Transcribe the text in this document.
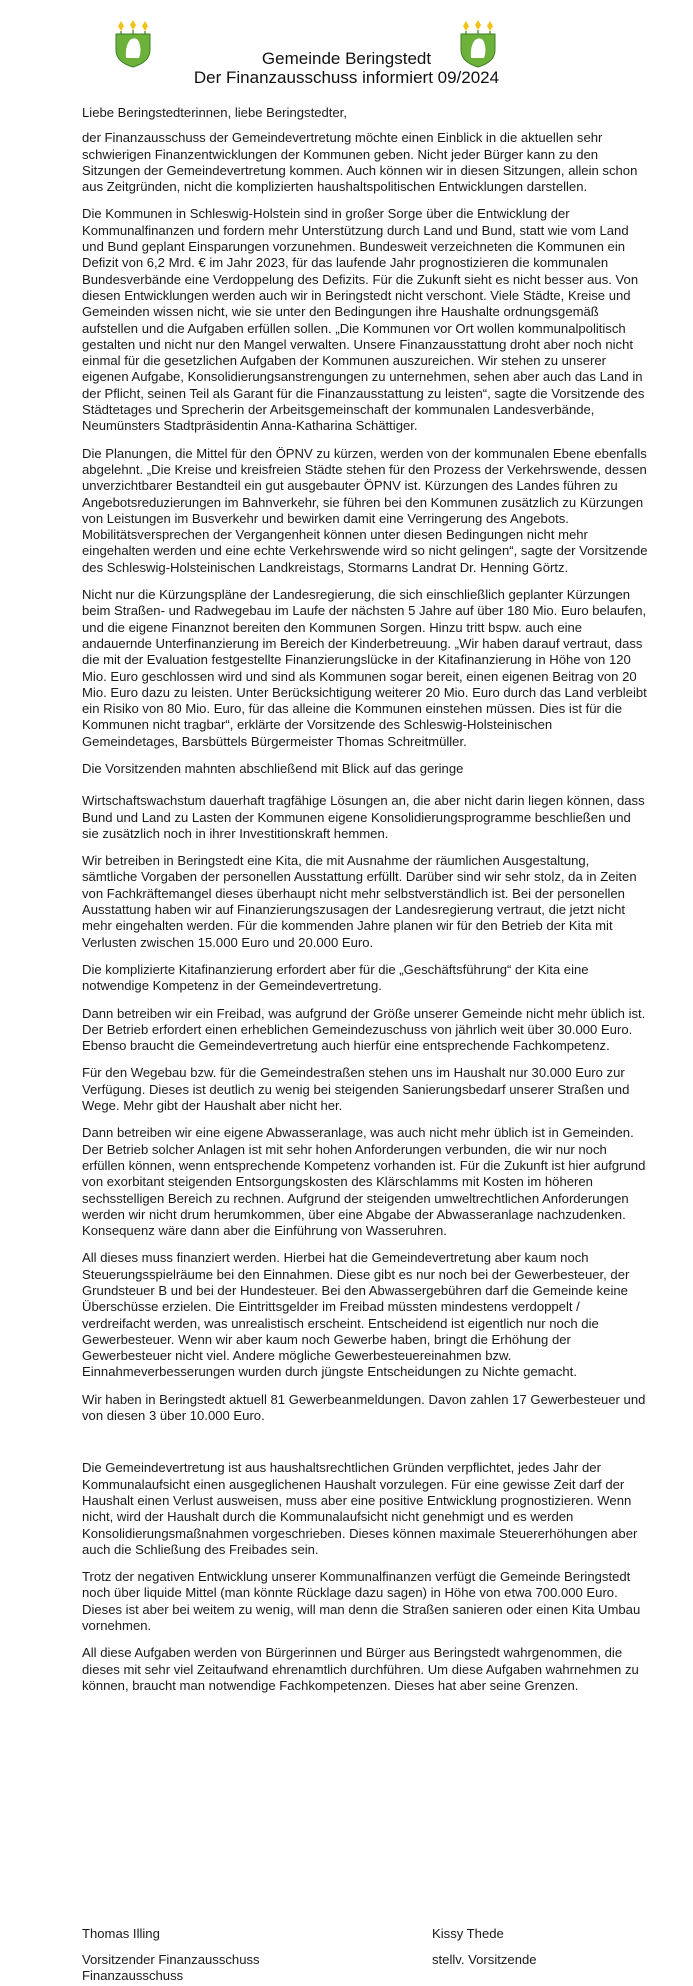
Gemeinde Beringstedt
Der Finanzausschuss informiert 09/2024

Liebe Beringstedterinnen, liebe Beringstedter,

der Finanzausschuss der Gemeindevertretung möchte einen Einblick in die aktuellen sehr schwierigen Finanzentwicklungen der Kommunen geben. Nicht jeder Bürger kann zu den Sitzungen der Gemeindevertretung kommen. Auch können wir in diesen Sitzungen, allein schon aus Zeitgründen, nicht die komplizierten haushaltspolitischen Entwicklungen darstellen.

Die Kommunen in Schleswig-Holstein sind in großer Sorge über die Entwicklung der Kommunalfinanzen und fordern mehr Unterstützung durch Land und Bund, statt wie vom Land und Bund geplant Einsparungen vorzunehmen. Bundesweit verzeichneten die Kommunen ein Defizit von 6,2 Mrd. € im Jahr 2023, für das laufende Jahr prognostizieren die kommunalen Bundesverbände eine Verdoppelung des Defizits. Für die Zukunft sieht es nicht besser aus. Von diesen Entwicklungen werden auch wir in Beringstedt nicht verschont. Viele Städte, Kreise und Gemeinden wissen nicht, wie sie unter den Bedingungen ihre Haushalte ordnungsgemäß aufstellen und die Aufgaben erfüllen sollen. „Die Kommunen vor Ort wollen kommunalpolitisch gestalten und nicht nur den Mangel verwalten. Unsere Finanzausstattung droht aber noch nicht einmal für die gesetzlichen Aufgaben der Kommunen auszureichen. Wir stehen zu unserer eigenen Aufgabe, Konsolidierungsanstrengungen zu unternehmen, sehen aber auch das Land in der Pflicht, seinen Teil als Garant für die Finanzausstattung zu leisten“, sagte die Vorsitzende des Städtetages und Sprecherin der Arbeitsgemeinschaft der kommunalen Landesverbände, Neumünsters Stadtpräsidentin Anna-Katharina Schättiger.

Die Planungen, die Mittel für den ÖPNV zu kürzen, werden von der kommunalen Ebene ebenfalls abgelehnt. „Die Kreise und kreisfreien Städte stehen für den Prozess der Verkehrswende, dessen unverzichtbarer Bestandteil ein gut ausgebauter ÖPNV ist. Kürzungen des Landes führen zu Angebotsreduzierungen im Bahnverkehr, sie führen bei den Kommunen zusätzlich zu Kürzungen von Leistungen im Busverkehr und bewirken damit eine Verringerung des Angebots. Mobilitätsversprechen der Vergangenheit können unter diesen Bedingungen nicht mehr eingehalten werden und eine echte Verkehrswende wird so nicht gelingen“, sagte der Vorsitzende des Schleswig-Holsteinischen Landkreistags, Stormarns Landrat Dr. Henning Görtz.

Nicht nur die Kürzungspläne der Landesregierung, die sich einschließlich geplanter Kürzungen beim Straßen- und Radwegebau im Laufe der nächsten 5 Jahre auf über 180 Mio. Euro belaufen, und die eigene Finanznot bereiten den Kommunen Sorgen. Hinzu tritt bspw. auch eine andauernde Unterfinanzierung im Bereich der Kinderbetreuung. „Wir haben darauf vertraut, dass die mit der Evaluation festgestellte Finanzierungslücke in der Kitafinanzierung in Höhe von 120 Mio. Euro geschlossen wird und sind als Kommunen sogar bereit, einen eigenen Beitrag von 20 Mio. Euro dazu zu leisten. Unter Berücksichtigung weiterer 20 Mio. Euro durch das Land verbleibt ein Risiko von 80 Mio. Euro, für das alleine die Kommunen einstehen müssen. Dies ist für die Kommunen nicht tragbar“, erklärte der Vorsitzende des Schleswig-Holsteinischen Gemeindetages, Barsbüttels Bürgermeister Thomas Schreitmüller.

Die Vorsitzenden mahnten abschließend mit Blick auf das geringe

Wirtschaftswachstum dauerhaft tragfähige Lösungen an, die aber nicht darin liegen können, dass Bund und Land zu Lasten der Kommunen eigene Konsolidierungsprogramme beschließen und sie zusätzlich noch in ihrer Investitionskraft hemmen.

Wir betreiben in Beringstedt eine Kita, die mit Ausnahme der räumlichen Ausgestaltung, sämtliche Vorgaben der personellen Ausstattung erfüllt. Darüber sind wir sehr stolz, da in Zeiten von Fachkräftemangel dieses überhaupt nicht mehr selbstverständlich ist. Bei der personellen Ausstattung haben wir auf Finanzierungszusagen der Landesregierung vertraut, die jetzt nicht mehr eingehalten werden. Für die kommenden Jahre planen wir für den Betrieb der Kita mit Verlusten zwischen 15.000 Euro und 20.000 Euro.

Die komplizierte Kitafinanzierung erfordert aber für die „Geschäftsführung“ der Kita eine notwendige Kompetenz in der Gemeindevertretung.

Dann betreiben wir ein Freibad, was aufgrund der Größe unserer Gemeinde nicht mehr üblich ist. Der Betrieb erfordert einen erheblichen Gemeindezuschuss von jährlich weit über 30.000 Euro. Ebenso braucht die Gemeindevertretung auch hierfür eine entsprechende Fachkompetenz.

Für den Wegebau bzw. für die Gemeindestraßen stehen uns im Haushalt nur 30.000 Euro zur Verfügung. Dieses ist deutlich zu wenig bei steigenden Sanierungsbedarf unserer Straßen und Wege. Mehr gibt der Haushalt aber nicht her.

Dann betreiben wir eine eigene Abwasseranlage, was auch nicht mehr üblich ist in Gemeinden. Der Betrieb solcher Anlagen ist mit sehr hohen Anforderungen verbunden, die wir nur noch erfüllen können, wenn entsprechende Kompetenz vorhanden ist. Für die Zukunft ist hier aufgrund von exorbitant steigenden Entsorgungskosten des Klärschlamms mit Kosten im höheren sechsstelligen Bereich zu rechnen. Aufgrund der steigenden umweltrechtlichen Anforderungen werden wir nicht drum herumkommen, über eine Abgabe der Abwasseranlage nachzudenken. Konsequenz wäre dann aber die Einführung von Wasseruhren.

All dieses muss finanziert werden. Hierbei hat die Gemeindevertretung aber kaum noch Steuerungsspielräume bei den Einnahmen. Diese gibt es nur noch bei der Gewerbesteuer, der Grundsteuer B und bei der Hundesteuer. Bei den Abwassergebühren darf die Gemeinde keine Überschüsse erzielen. Die Eintrittsgelder im Freibad müssten mindestens verdoppelt / verdreifacht werden, was unrealistisch erscheint. Entscheidend ist eigentlich nur noch die Gewerbesteuer. Wenn wir aber kaum noch Gewerbe haben, bringt die Erhöhung der Gewerbesteuer nicht viel. Andere mögliche Gewerbesteuereinahmen bzw. Einnahmeverbesserungen wurden durch jüngste Entscheidungen zu Nichte gemacht.

Wir haben in Beringstedt aktuell 81 Gewerbeanmeldungen. Davon zahlen 17 Gewerbesteuer und von diesen 3 über 10.000 Euro.

Die Gemeindevertretung ist aus haushaltsrechtlichen Gründen verpflichtet, jedes Jahr der Kommunalaufsicht einen ausgeglichenen Haushalt vorzulegen. Für eine gewisse Zeit darf der Haushalt einen Verlust ausweisen, muss aber eine positive Entwicklung prognostizieren. Wenn nicht, wird der Haushalt durch die Kommunalaufsicht nicht genehmigt und es werden Konsolidierungsmaßnahmen vorgeschrieben. Dieses können maximale Steuererhöhungen aber auch die Schließung des Freibades sein.

Trotz der negativen Entwicklung unserer Kommunalfinanzen verfügt die Gemeinde Beringstedt noch über liquide Mittel (man könnte Rücklage dazu sagen) in Höhe von etwa 700.000 Euro. Dieses ist aber bei weitem zu wenig, will man denn die Straßen sanieren oder einen Kita Umbau vornehmen.

All diese Aufgaben werden von Bürgerinnen und Bürger aus Beringstedt wahrgenommen, die dieses mit sehr viel Zeitaufwand ehrenamtlich durchführen. Um diese Aufgaben wahrnehmen zu können, braucht man notwendige Fachkompetenzen. Dieses hat aber seine Grenzen.

Thomas Illing
Vorsitzender Finanzausschuss
Finanzausschuss
Kissy Thede
stellv. Vorsitzende
